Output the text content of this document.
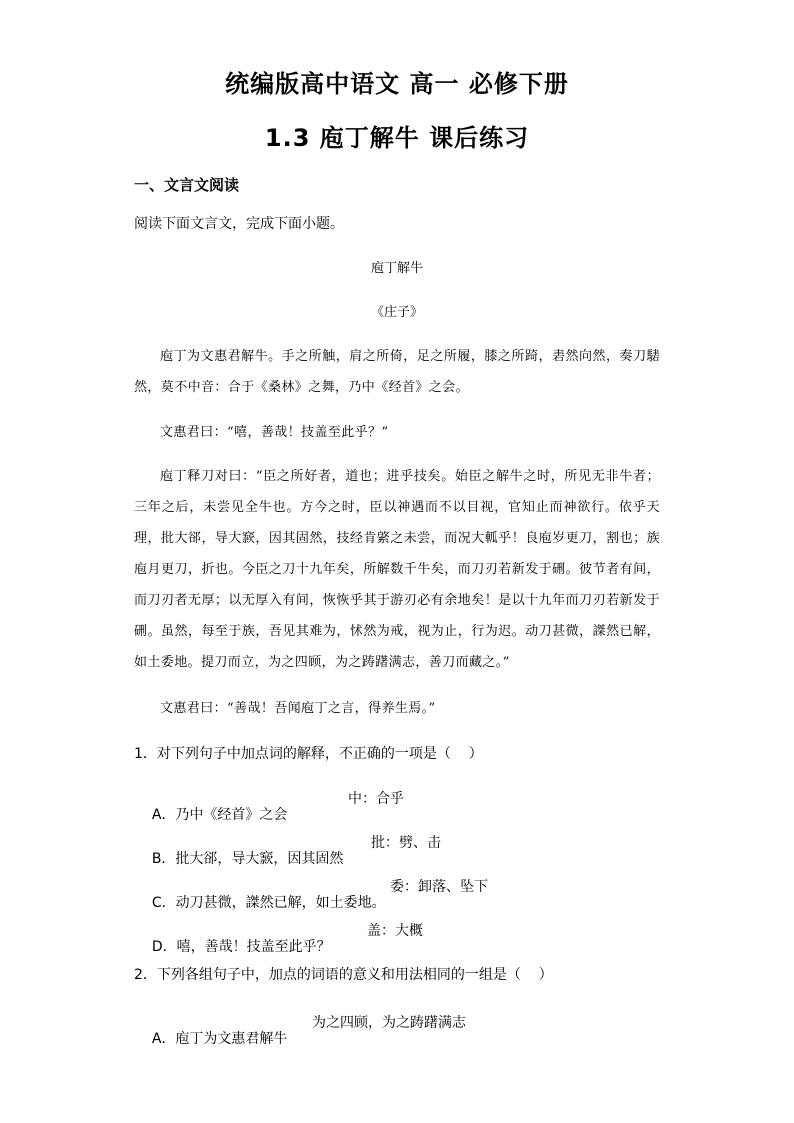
统编版高中语文 高一 必修下册
1.3 庖丁解牛 课后练习
一、文言文阅读
阅读下面文言文，完成下面小题。
庖丁解牛
《庄子》
庖丁为文惠君解牛。手之所触，肩之所倚，足之所履，膝之所踦，砉然向然，奏刀騞然，莫不中音：合于《桑林》之舞，乃中《经首》之会。
文惠君曰：“嘻，善哉！技盖至此乎？”
庖丁释刀对曰：“臣之所好者，道也；进乎技矣。始臣之解牛之时，所见无非牛者；三年之后，未尝见全牛也。方今之时，臣以神遇而不以目视，官知止而神欲行。依乎天理，批大郤，导大窾，因其固然，技经肯綮之未尝，而况大軱乎！良庖岁更刀，割也；族庖月更刀，折也。今臣之刀十九年矣，所解数千牛矣，而刀刃若新发于硎。彼节者有间，而刀刃者无厚；以无厚入有间，恢恢乎其于游刃必有余地矣！是以十九年而刀刃若新发于硎。虽然，每至于族，吾见其难为，怵然为戒，视为止，行为迟。动刀甚微，謋然已解，如土委地。提刀而立，为之四顾，为之踌躇满志，善刀而藏之。”
文惠君曰：“善哉！吾闻庖丁之言，得养生焉。”
1．对下列句子中加点词的解释，不正确的一项是（    ）

A．乃中《经首》之会

中：合乎

B．批大郤，导大窾，因其固然

批：劈、击

C．动刀甚微，謋然已解，如土委地。

委：卸落、坠下

D．嘻，善哉！技盖至此乎？

盖：大概

2．下列各组句子中，加点的词语的意义和用法相同的一组是（    ）

A．庖丁为文惠君解牛

为之四顾，为之踌躇满志
